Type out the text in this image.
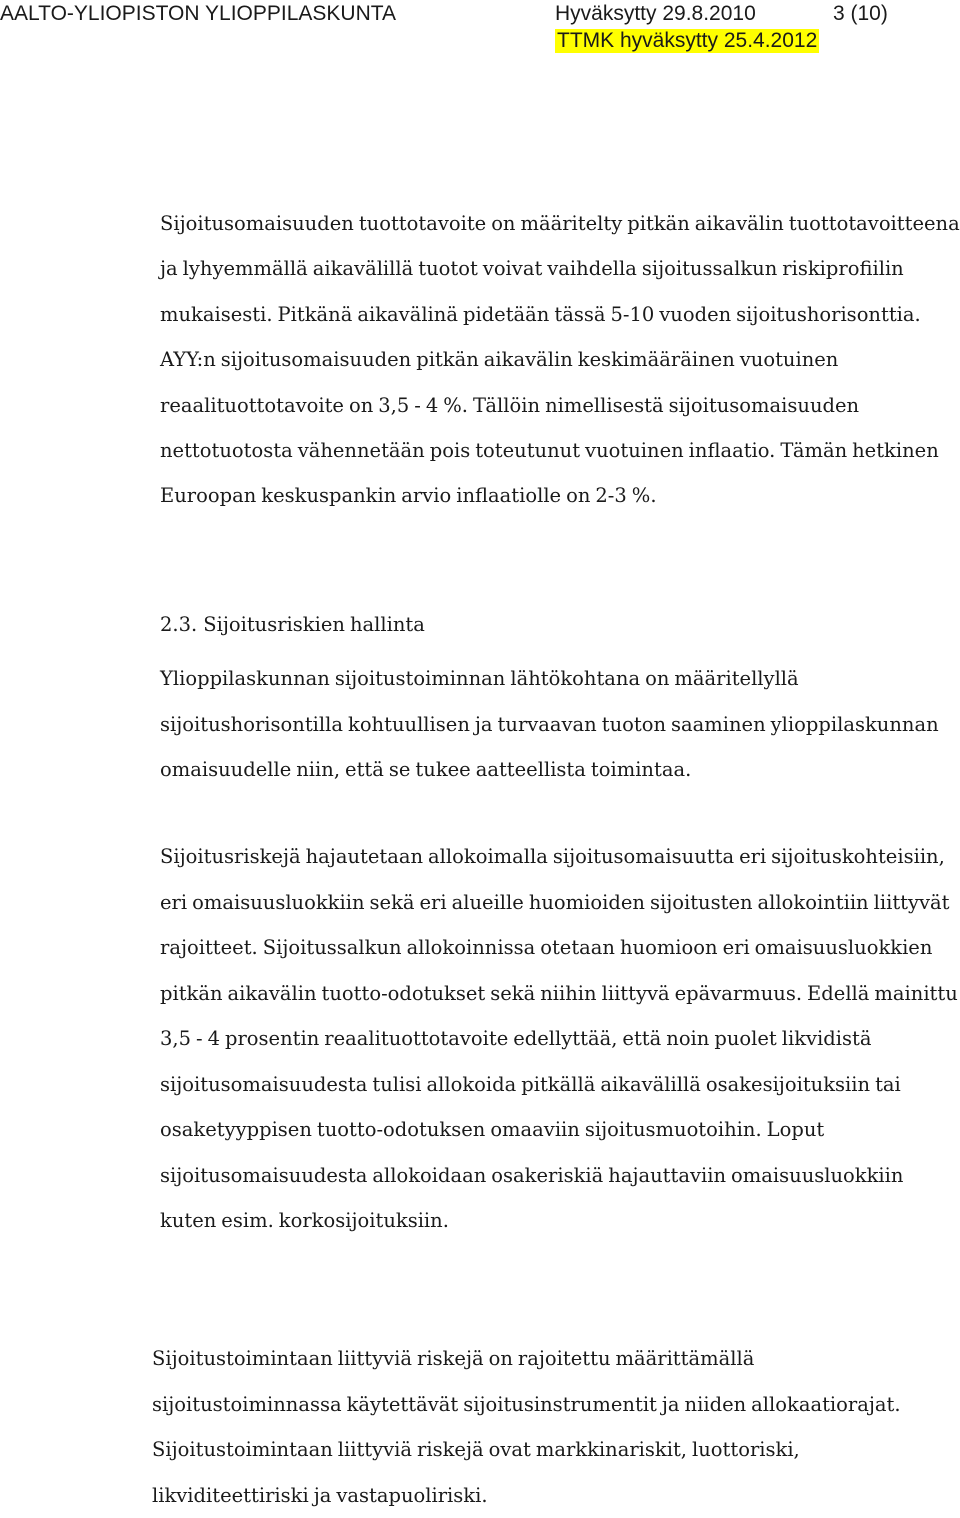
AALTO-YLIOPISTON YLIOPPILASKUNTA	Hyväksytty 29.8.2010	3 (10)
TTMK hyväksytty 25.4.2012

Sijoitusomaisuuden tuottotavoite on määritelty pitkän aikavälin tuottotavoitteena ja lyhyemmällä aikavälillä tuotot voivat vaihdella sijoitussalkun riskiprofiilin mukaisesti. Pitkänä aikavälinä pidetään tässä 5-10 vuoden sijoitushorisonttia. AYY:n sijoitusomaisuuden pitkän aikavälin keskimääräinen vuotuinen reaalituottotavoite on 3,5 - 4 %. Tällöin nimellisestä sijoitusomaisuuden nettotuotosta vähennetään pois toteutunut vuotuinen inflaatio. Tämän hetkinen Euroopan keskuspankin arvio inflaatiolle on 2-3 %.

2.3. Sijoitusriskien hallinta

Ylioppilaskunnan sijoitustoiminnan lähtökohtana on määritellyllä sijoitushorisontilla kohtuullisen ja turvaavan tuoton saaminen ylioppilaskunnan omaisuudelle niin, että se tukee aatteellista toimintaa.

Sijoitusriskejä hajautetaan allokoimalla sijoitusomaisuutta eri sijoituskohteisiin, eri omaisuusluokkiin sekä eri alueille huomioiden sijoitusten allokointiin liittyvät rajoitteet. Sijoitussalkun allokoinnissa otetaan huomioon eri omaisuusluokkien pitkän aikavälin tuotto-odotukset sekä niihin liittyvä epävarmuus. Edellä mainittu 3,5 - 4 prosentin reaalituottotavoite edellyttää, että noin puolet likvidistä sijoitusomaisuudesta tulisi allokoida pitkällä aikavälillä osakesijoituksiin tai osaketyyppisen tuotto-odotuksen omaaviin sijoitusmuotoihin. Loput sijoitusomaisuudesta allokoidaan osakeriskiä hajauttaviin omaisuusluokkiin kuten esim. korkosijoituksiin.

Sijoitustoimintaan liittyviä riskejä on rajoitettu määrittämällä sijoitustoiminnassa käytettävät sijoitusinstrumentit ja niiden allokaatiorajat. Sijoitustoimintaan liittyviä riskejä ovat markkinariskit, luottoriski, likviditeettiriski ja vastapuoliriski.
